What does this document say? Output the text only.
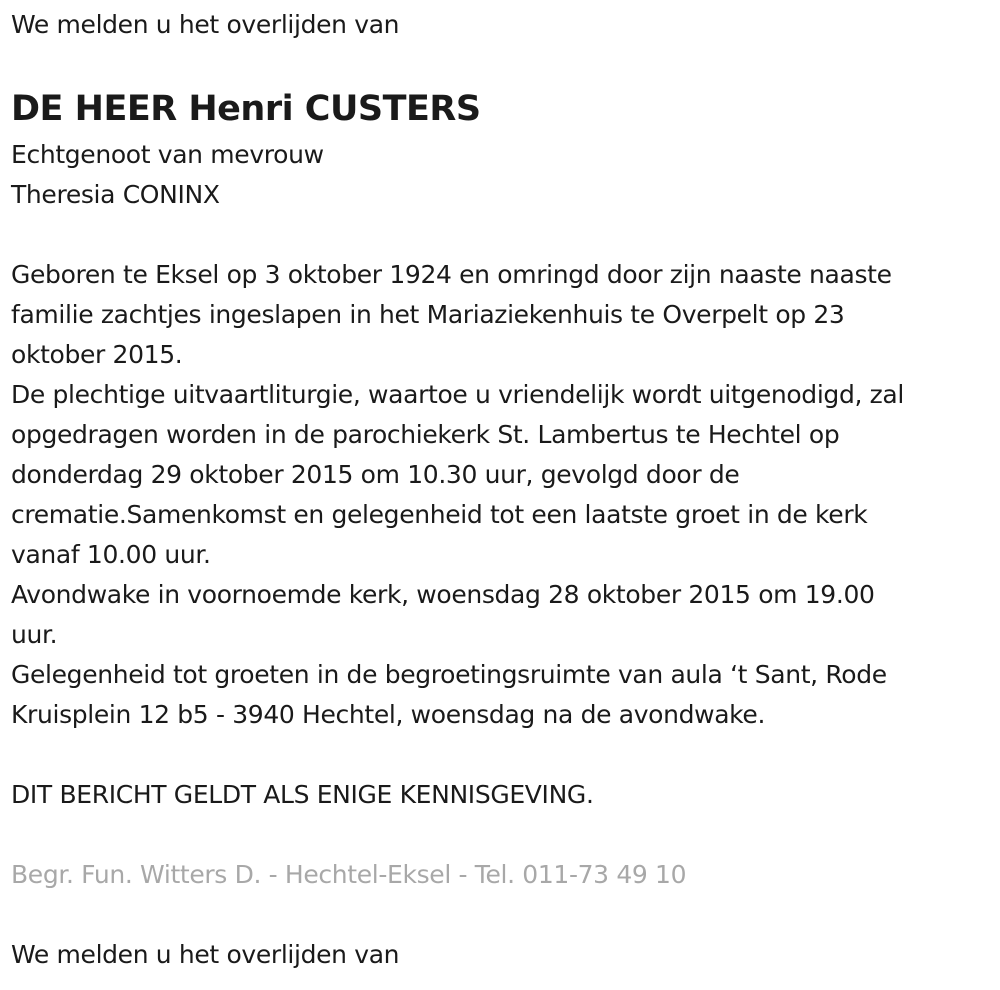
We melden u het overlijden van
DE HEER Henri CUSTERS
Echtgenoot van mevrouw
Theresia CONINX
Geboren te Eksel op 3 oktober 1924 en omringd door zijn naaste naaste
familie zachtjes ingeslapen in het Mariaziekenhuis te Overpelt op 23
oktober 2015.
De plechtige uitvaartliturgie, waartoe u vriendelijk wordt uitgenodigd, zal
opgedragen worden in de parochiekerk St. Lambertus te Hechtel op
donderdag 29 oktober 2015 om 10.30 uur, gevolgd door de
crematie.Samenkomst en gelegenheid tot een laatste groet in de kerk
vanaf 10.00 uur.
Avondwake in voornoemde kerk, woensdag 28 oktober 2015 om 19.00
uur.
Gelegenheid tot groeten in de begroetingsruimte van aula ‘t Sant, Rode
Kruisplein 12 b5 - 3940 Hechtel, woensdag na de avondwake.
DIT BERICHT GELDT ALS ENIGE KENNISGEVING.
Begr. Fun. Witters D. - Hechtel-Eksel - Tel. 011-73 49 10
We melden u het overlijden van
